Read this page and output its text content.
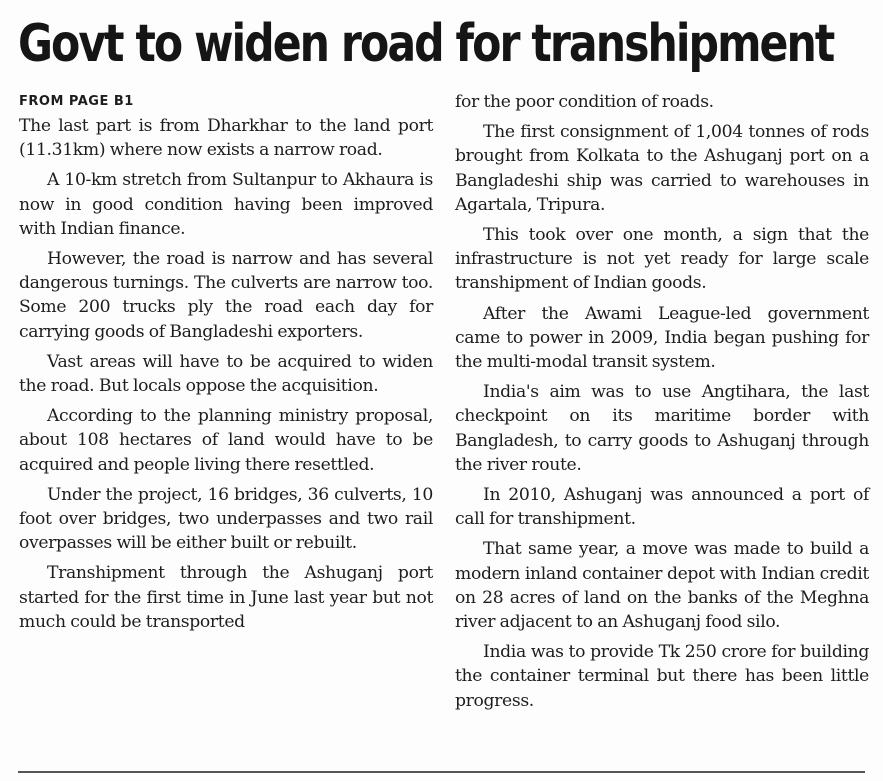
Govt to widen road for transhipment
FROM PAGE B1

The last part is from Dharkhar to the land port (11.31km) where now exists a narrow road.

A 10-km stretch from Sultanpur to Akhaura is now in good condition having been improved with Indian finance.

However, the road is narrow and has several dangerous turnings. The culverts are narrow too. Some 200 trucks ply the road each day for carrying goods of Bangladeshi exporters.

Vast areas will have to be acquired to widen the road. But locals oppose the acquisition.

According to the planning ministry proposal, about 108 hectares of land would have to be acquired and people living there resettled.

Under the project, 16 bridges, 36 culverts, 10 foot over bridges, two underpasses and two rail overpasses will be either built or rebuilt.

Transhipment through the Ashuganj port started for the first time in June last year but not much could be transported

for the poor condition of roads.

The first consignment of 1,004 tonnes of rods brought from Kolkata to the Ashuganj port on a Bangladeshi ship was carried to warehouses in Agartala, Tripura.

This took over one month, a sign that the infrastructure is not yet ready for large scale transhipment of Indian goods.

After the Awami League-led government came to power in 2009, India began pushing for the multi-modal transit system.

India's aim was to use Angtihara, the last checkpoint on its maritime border with Bangladesh, to carry goods to Ashuganj through the river route.

In 2010, Ashuganj was announced a port of call for transhipment.

That same year, a move was made to build a modern inland container depot with Indian credit on 28 acres of land on the banks of the Meghna river adjacent to an Ashuganj food silo.

India was to provide Tk 250 crore for building the container terminal but there has been little progress.
